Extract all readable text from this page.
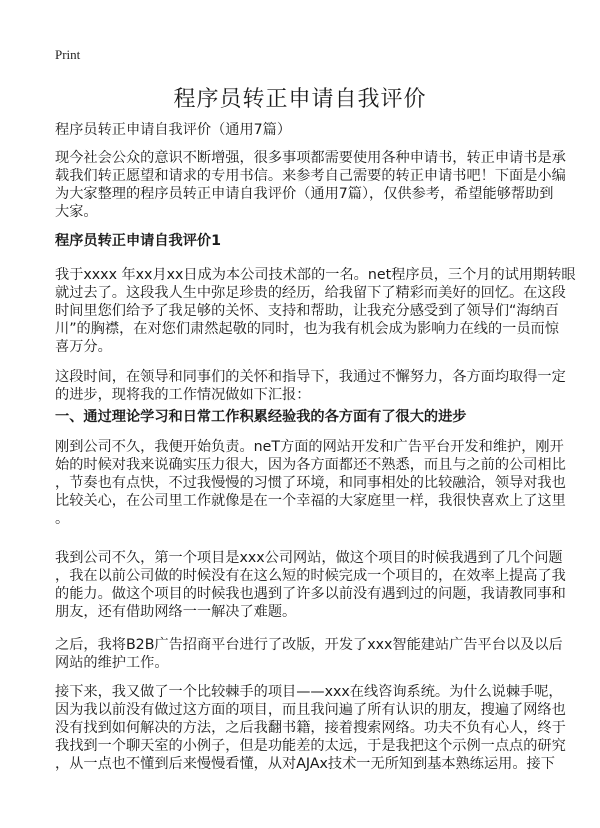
Print
程序员转正申请自我评价
程序员转正申请自我评价（通用7篇）
现今社会公众的意识不断增强，很多事项都需要使用各种申请书，转正申请书是承
载我们转正愿望和请求的专用书信。来参考自己需要的转正申请书吧！下面是小编
为大家整理的程序员转正申请自我评价（通用7篇），仅供参考，希望能够帮助到
大家。
程序员转正申请自我评价1
我于xxxx 年xx月xx日成为本公司技术部的一名。net程序员，三个月的试用期转眼
就过去了。这段我人生中弥足珍贵的经历，给我留下了精彩而美好的回忆。在这段
时间里您们给予了我足够的关怀、支持和帮助，让我充分感受到了领导们“海纳百
川”的胸襟，在对您们肃然起敬的同时，也为我有机会成为影响力在线的一员而惊
喜万分。
这段时间，在领导和同事们的关怀和指导下，我通过不懈努力，各方面均取得一定
的进步，现将我的工作情况做如下汇报：
一、通过理论学习和日常工作积累经验我的各方面有了很大的进步
刚到公司不久，我便开始负责。neT方面的网站开发和广告平台开发和维护，刚开
始的时候对我来说确实压力很大，因为各方面都还不熟悉，而且与之前的公司相比
，节奏也有点快，不过我慢慢的习惯了环境，和同事相处的比较融洽，领导对我也
比较关心，在公司里工作就像是在一个幸福的大家庭里一样，我很快喜欢上了这里
。
我到公司不久，第一个项目是xxx公司网站，做这个项目的时候我遇到了几个问题
，我在以前公司做的时候没有在这么短的时候完成一个项目的，在效率上提高了我
的能力。做这个项目的时候我也遇到了许多以前没有遇到过的问题，我请教同事和
朋友，还有借助网络一一解决了难题。
之后，我将B2B广告招商平台进行了改版，开发了xxx智能建站广告平台以及以后
网站的维护工作。
接下来，我又做了一个比较棘手的项目——xxx在线咨询系统。为什么说棘手呢，
因为我以前没有做过这方面的项目，而且我问遍了所有认识的朋友，搜遍了网络也
没有找到如何解决的方法，之后我翻书籍，接着搜索网络。功夫不负有心人，终于
我找到一个聊天室的小例子，但是功能差的太远，于是我把这个示例一点点的研究
，从一点也不懂到后来慢慢看懂，从对AJAx技术一无所知到基本熟练运用。接下
